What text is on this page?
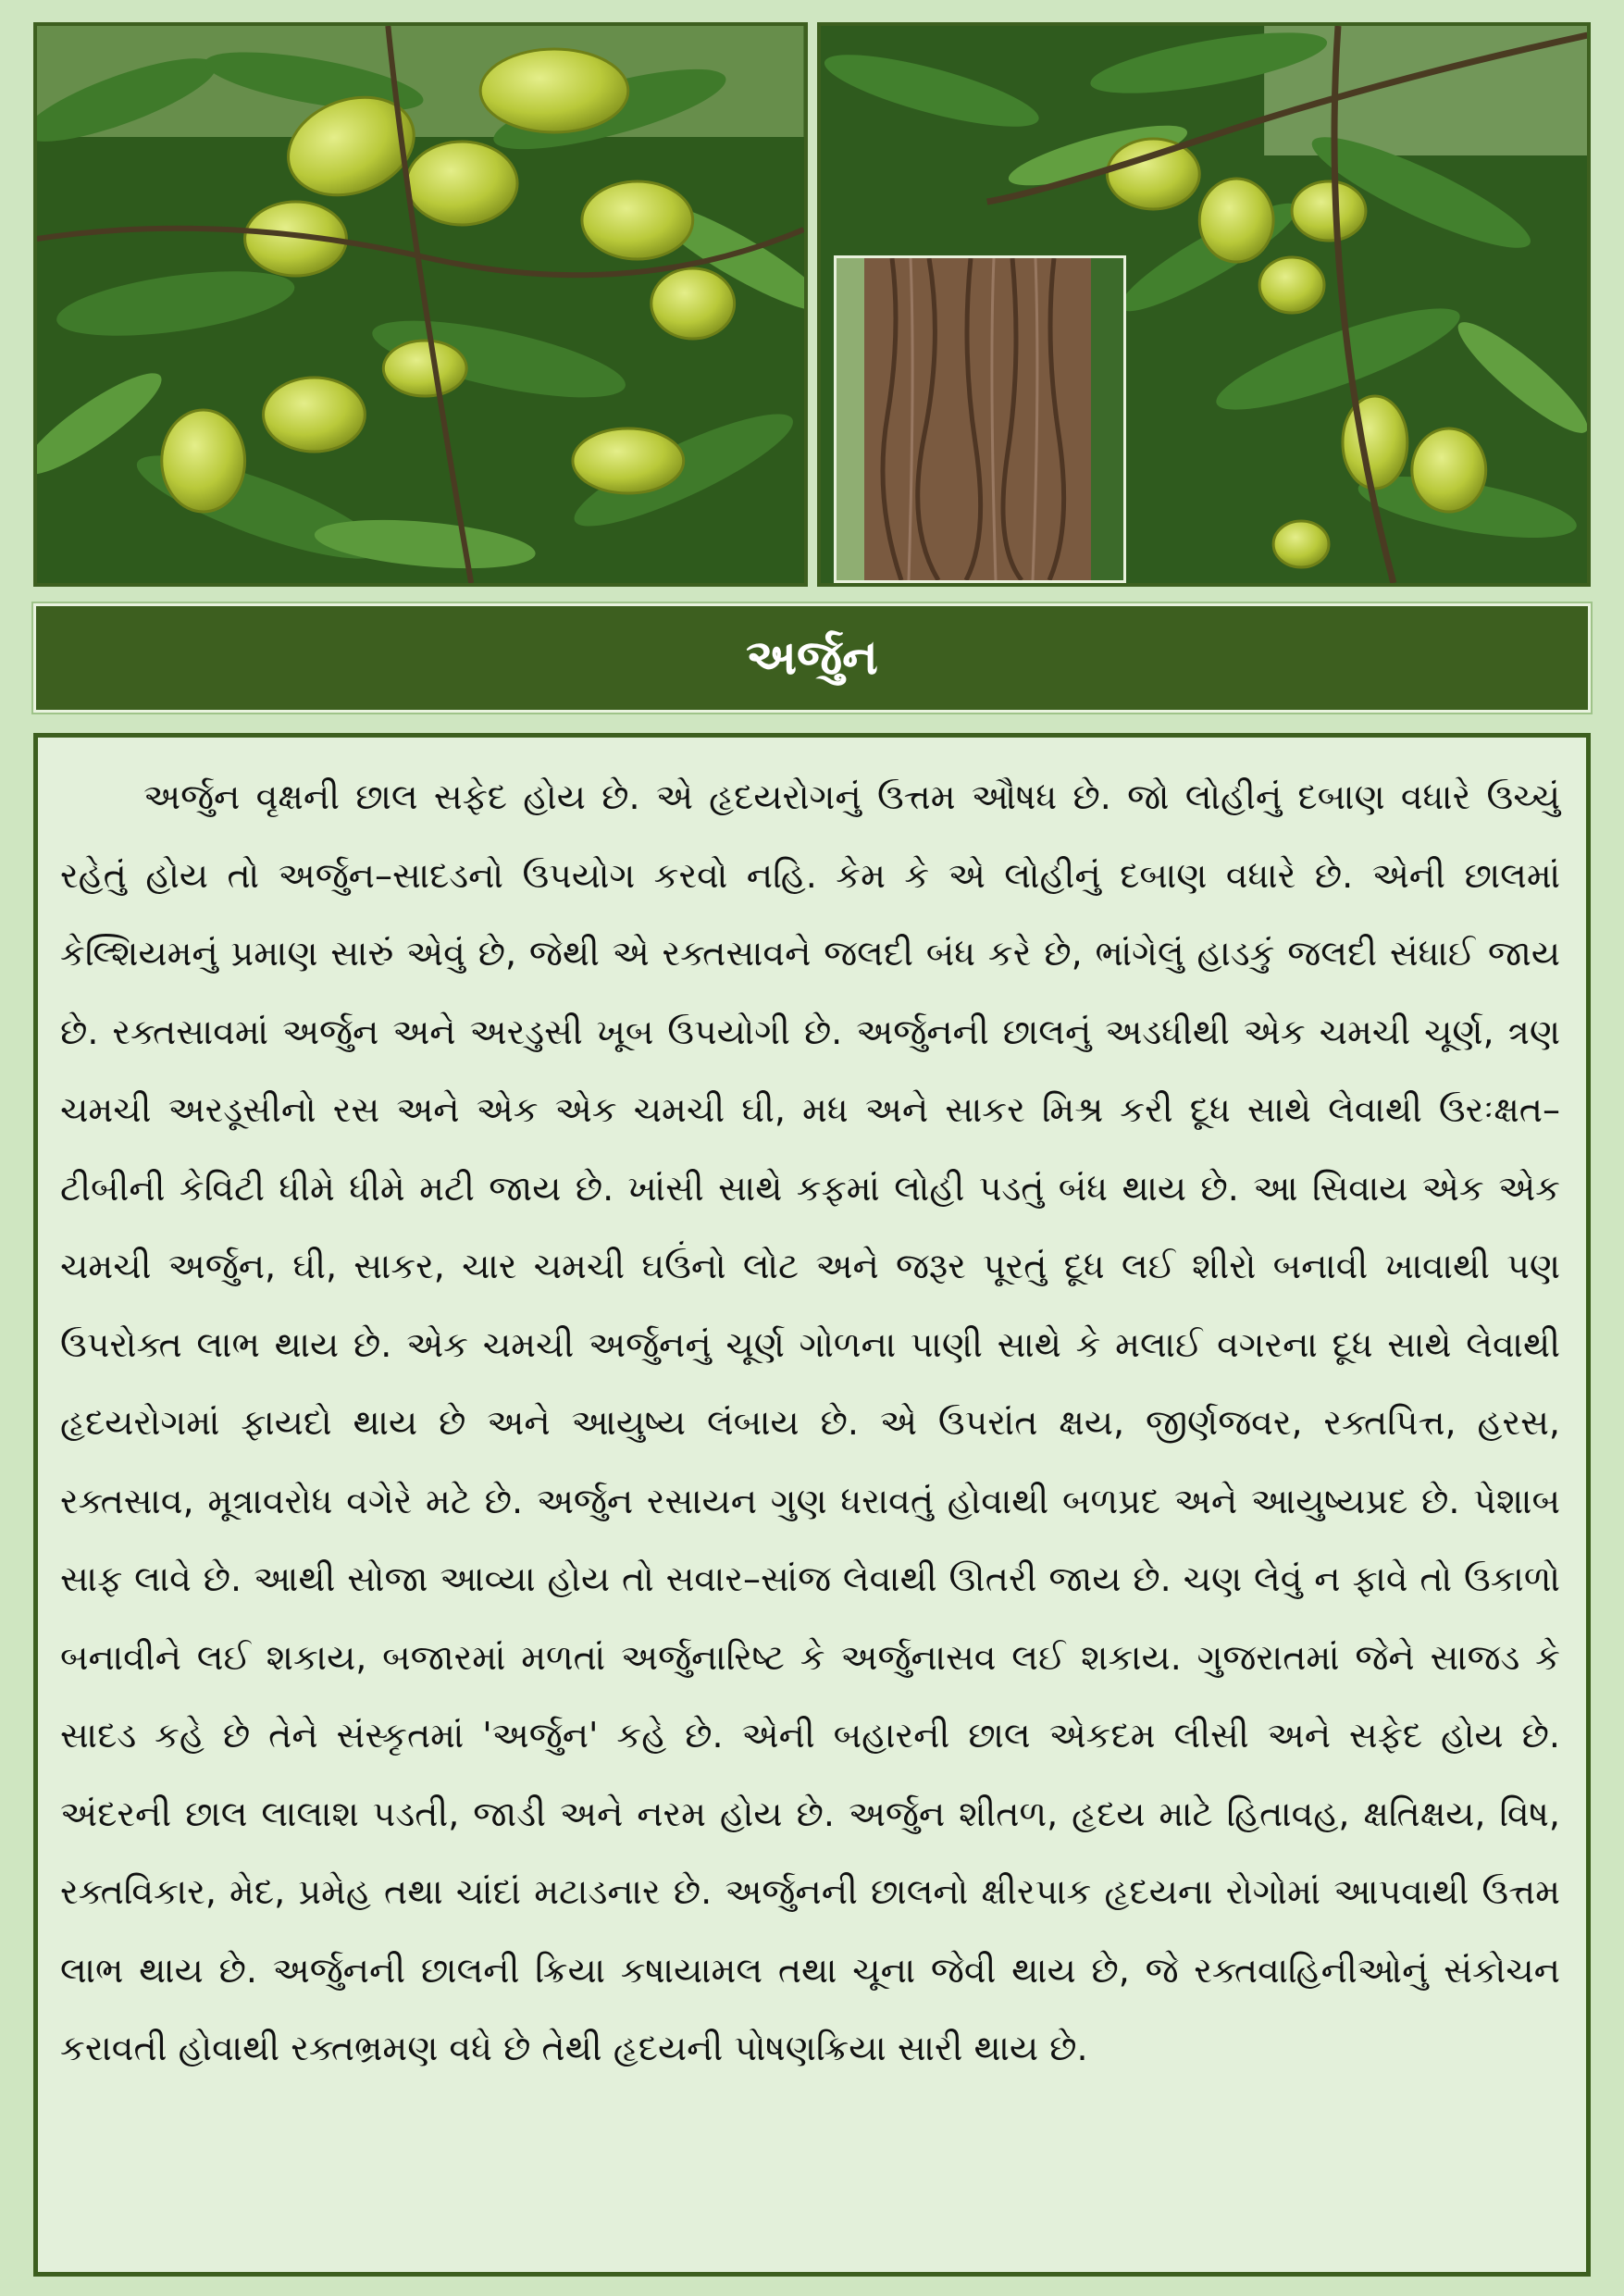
અર્જુન

અર્જુન વૃક્ષની છાલ સફેદ હોય છે. એ હૃદયરોગનું ઉત્તમ ઔષધ છે. જો લોહીનું દબાણ વધારે ઉચ્ચું રહેતું હોય તો અર્જુન–સાદડનો ઉપયોગ કરવો નહિ. કેમ કે એ લોહીનું દબાણ વધારે છે. એની છાલમાં કેલ્શિયમનું પ્રમાણ સારું એવું છે, જેથી એ રક્તસાવને જલદી બંધ કરે છે, ભાંગેલું હાડકું જલદી સંધાઈ જાય છે. રક્તસાવમાં અર્જુન અને અરડુસી ખૂબ ઉપયોગી છે. અર્જુનની છાલનું અડધીથી એક ચમચી ચૂર્ણ, ત્રણ ચમચી અરડૂસીનો રસ અને એક એક ચમચી ઘી, મધ અને સાકર મિશ્ર કરી દૂધ સાથે લેવાથી ઉરઃક્ષત–ટીબીની કેવિટી ધીમે ધીમે મટી જાય છે. ખાંસી સાથે કફમાં લોહી પડતું બંધ થાય છે. આ સિવાય એક એક ચમચી અર્જુન, ઘી, સાકર, ચાર ચમચી ઘઉંનો લોટ અને જરૂર પૂરતું દૂધ લઈ શીરો બનાવી ખાવાથી પણ ઉપરોક્ત લાભ થાય છે. એક ચમચી અર્જુનનું ચૂર્ણ ગોળના પાણી સાથે કે મલાઈ વગરના દૂધ સાથે લેવાથી હૃદયરોગમાં ફાયદો થાય છે અને આયુષ્ય લંબાય છે. એ ઉપરાંત ક્ષય, જીર્ણજવર, રક્તપિત્ત, હરસ, રક્તસાવ, મૂત્રાવરોધ વગેરે મટે છે. અર્જુન રસાયન ગુણ ધરાવતું હોવાથી બળપ્રદ અને આયુષ્યપ્રદ છે. પેશાબ સાફ લાવે છે. આથી સોજા આવ્યા હોય તો સવાર–સાંજ લેવાથી ઊતરી જાય છે. ચણ લેવું ન ફાવે તો ઉકાળો બનાવીને લઈ શકાય, બજારમાં મળતાં અર્જુનારિષ્ટ કે અર્જુનાસવ લઈ શકાય. ગુજરાતમાં જેને સાજડ કે સાદડ કહે છે તેને સંસ્કૃતમાં 'અર્જુન' કહે છે. એની બહારની છાલ એકદમ લીસી અને સફેદ હોય છે. અંદરની છાલ લાલાશ પડતી, જાડી અને નરમ હોય છે. અર્જુન શીતળ, હૃદય માટે હિતાવહ, ક્ષતિક્ષય, વિષ, રક્તવિકાર, મેદ, પ્રમેહ તથા ચાંદાં મટાડનાર છે. અર્જુનની છાલનો ક્ષીરપાક હૃદયના રોગોમાં આપવાથી ઉત્તમ લાભ થાય છે. અર્જુનની છાલની ક્રિયા કષાયામલ તથા ચૂના જેવી થાય છે, જે રક્તવાહિનીઓનું સંકોચન કરાવતી હોવાથી રક્તભ્રમણ વધે છે તેથી હૃદયની પોષણક્રિયા સારી થાય છે.
